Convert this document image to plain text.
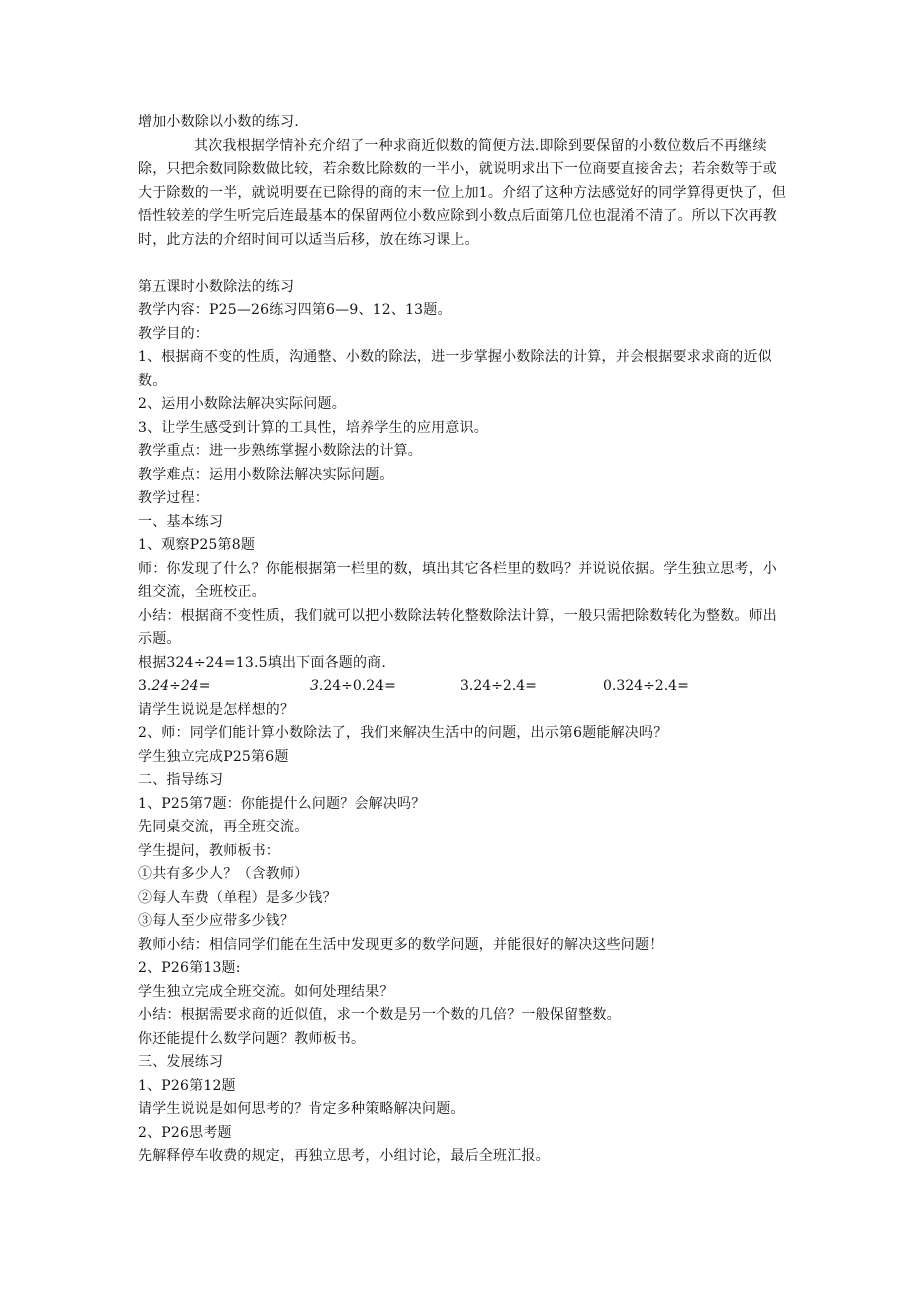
增加小数除以小数的练习.

其次我根据学情补充介绍了一种求商近似数的简便方法.即除到要保留的小数位数后不再继续除，只把余数同除数做比较，若余数比除数的一半小，就说明求出下一位商要直接舍去；若余数等于或大于除数的一半，就说明要在已除得的商的末一位上加1。介绍了这种方法感觉好的同学算得更快了，但悟性较差的学生听完后连最基本的保留两位小数应除到小数点后面第几位也混淆不清了。所以下次再教时，此方法的介绍时间可以适当后移，放在练习课上。

第五课时小数除法的练习

教学内容：P25—26练习四第6—9、12、13题。

教学目的：

1、根据商不变的性质，沟通整、小数的除法，进一步掌握小数除法的计算，并会根据要求求商的近似数。

2、运用小数除法解决实际问题。

3、让学生感受到计算的工具性，培养学生的应用意识。

教学重点：进一步熟练掌握小数除法的计算。

教学难点：运用小数除法解决实际问题。

教学过程：

一、基本练习

1、观察P25第8题

师：你发现了什么？你能根据第一栏里的数，填出其它各栏里的数吗？并说说依据。学生独立思考，小组交流，全班校正。

小结：根据商不变性质，我们就可以把小数除法转化整数除法计算，一般只需把除数转化为整数。师出示题。

根据324÷24=13.5填出下面各题的商.

3.24÷24=	3.24÷0.24=	3.24÷2.4=	0.324÷2.4=

请学生说说是怎样想的？

2、师：同学们能计算小数除法了，我们来解决生活中的问题，出示第6题能解决吗？

学生独立完成P25第6题

二、指导练习

1、P25第7题：你能提什么问题？会解决吗？

先同桌交流，再全班交流。

学生提问，教师板书：

①共有多少人？（含教师）

②每人车费（单程）是多少钱？

③每人至少应带多少钱？

教师小结：相信同学们能在生活中发现更多的数学问题，并能很好的解决这些问题！

2、P26第13题:

学生独立完成全班交流。如何处理结果？

小结：根据需要求商的近似值，求一个数是另一个数的几倍？一般保留整数。

你还能提什么数学问题？教师板书。

三、发展练习

1、P26第12题

请学生说说是如何思考的？肯定多种策略解决问题。

2、P26思考题

先解释停车收费的规定，再独立思考，小组讨论，最后全班汇报。
